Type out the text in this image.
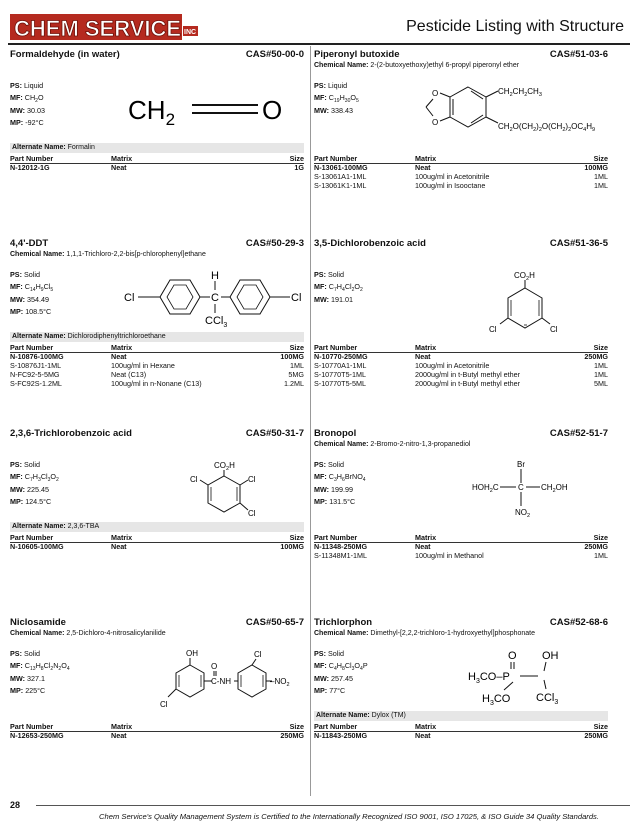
CHEM SERVICE INC	Pesticide Listing with Structure
Formaldehyde (in water)	CAS#50-00-0
PS: Liquid
MF: $CH_2O$
MW: 30.03
MP: -92°C	$CH_2$	O
Alternate Name: Formalin
Part Number	Matrix	Size
N-12012-1G	Neat	1G
Piperonyl butoxide	CAS#51-03-6
Chemical Name: 2-(2-butoxyethoxy)ethyl 6-propyl piperonyl ether
PS: Liquid
MF: $C_{19}H_{30}O_5$
MW: 338.43
O
O
$CH_2CH_2CH_3$
$CH_2O(CH_2)_2O(CH_2)_2OC_4H_9$
Part Number	Matrix	Size
N-13061-100MG	Neat	100MG
S-13061A1-1ML	100ug/ml in Acetonitrile	1ML
S-13061K1-1ML	100ug/ml in Isooctane	1ML
4,4'-DDT	CAS#50-29-3
Chemical Name: 1,1,1-Trichloro-2,2-bis[p-chlorophenyl]ethane
PS: Solid
MF: $C_{14}H_9Cl_5$
MW: 354.49
MP: 108.5°C
Cl	C
H
CCl$_3$
Cl
Alternate Name: Dichlorodiphenyltrichloroethane
Part Number	Matrix	Size
N-10876-100MG	Neat	100MG
S-10876J1-1ML	100ug/ml in Hexane	1ML
N-FC92-5-5MG	Neat (C13)	5MG
S-FC92S-1.2ML	100ug/ml in n-Nonane (C13)	1.2ML
3,5-Dichlorobenzoic acid	CAS#51-36-5
PS: Solid
MF: $C_7H_4Cl_2O_2$
MW: 191.01
$CO_2H$
Cl	Cl
Part Number	Matrix	Size
N-10770-250MG	Neat	250MG
S-10770A1-1ML	100ug/ml in Acetonitrile	1ML
S-10770T5-1ML	2000ug/ml in t-Butyl methyl ether	1ML
S-10770T5-5ML	2000ug/ml in t-Butyl methyl ether	5ML
2,3,6-Trichlorobenzoic acid	CAS#50-31-7
PS: Solid
MF: $C_7H_3Cl_3O_2$
MW: 225.45
MP: 124.5°C
$CO_2H$
Cl	Cl
Cl
Alternate Name: 2,3,6-TBA
Part Number	Matrix	Size
N-10605-100MG	Neat	100MG
Bronopol	CAS#52-51-7
Chemical Name: 2-Bromo-2-nitro-1,3-propanediol
PS: Solid
MF: $C_3H_6BrNO_4$
MW: 199.99
MP: 131.5°C
Br
$HOH_2C$ C $CH_2OH$
$NO_2$
Part Number	Matrix	Size
N-11348-250MG	Neat	250MG
S-11348M1-1ML	100ug/ml in Methanol	1ML
Niclosamide	CAS#50-65-7
Chemical Name: 2,5-Dichloro-4-nitrosalicylanilide
PS: Solid
MF: $C_{13}H_8Cl_2N_2O_4$
MW: 327.1
MP: 225°C
OH
Cl
O
C-NH
Cl
$-NO_2$
Part Number	Matrix	Size
N-12653-250MG	Neat	250MG
Trichlorphon	CAS#52-68-6
Chemical Name: Dimethyl-[2,2,2-trichloro-1-hydroxyethyl]phosphonate
PS: Solid
MF: $C_4H_8Cl_3O_4P$
MW: 257.45
MP: 77°C
O OH
$H_3CO-P$
$H_3CO$ CCl$_3$
Alternate Name: Dylox (TM)
Part Number	Matrix	Size
N-11843-250MG	Neat	250MG
28
Chem Service's Quality Management System is Certified to the Internationally Recognized ISO 9001, ISO 17025, & ISO Guide 34 Quality Standards.
